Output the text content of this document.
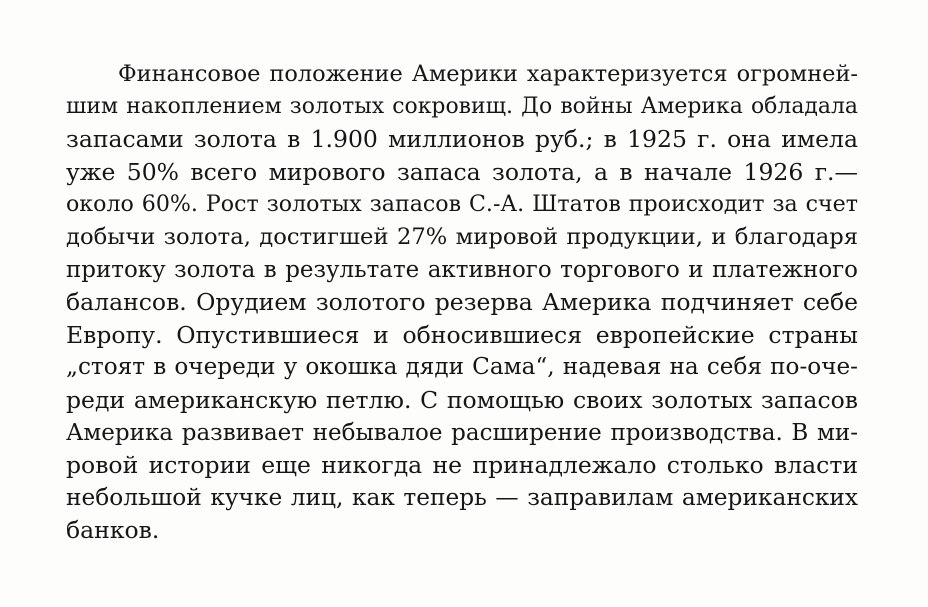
Финансовое положение Америки характеризуется огромней-
шим накоплением золотых сокровищ. До войны Америка обладала
запасами золота в 1.900 миллионов руб.; в 1925 г. она имела
уже 50% всего мирового запаса золота, а в начале 1926 г.—
около 60%. Рост золотых запасов С.-А. Штатов происходит за счет
добычи золота, достигшей 27% мировой продукции, и благодаря
притоку золота в результате активного торгового и платежного
балансов. Орудием золотого резерва Америка подчиняет себе
Европу. Опустившиеся и обносившиеся европейские страны
„стоят в очереди у окошка дяди Сама“, надевая на себя по-оче-
реди американскую петлю. С помощью своих золотых запасов
Америка развивает небывалое расширение производства. В ми-
ровой истории еще никогда не принадлежало столько власти
небольшой кучке лиц, как теперь — заправилам американских
банков.
